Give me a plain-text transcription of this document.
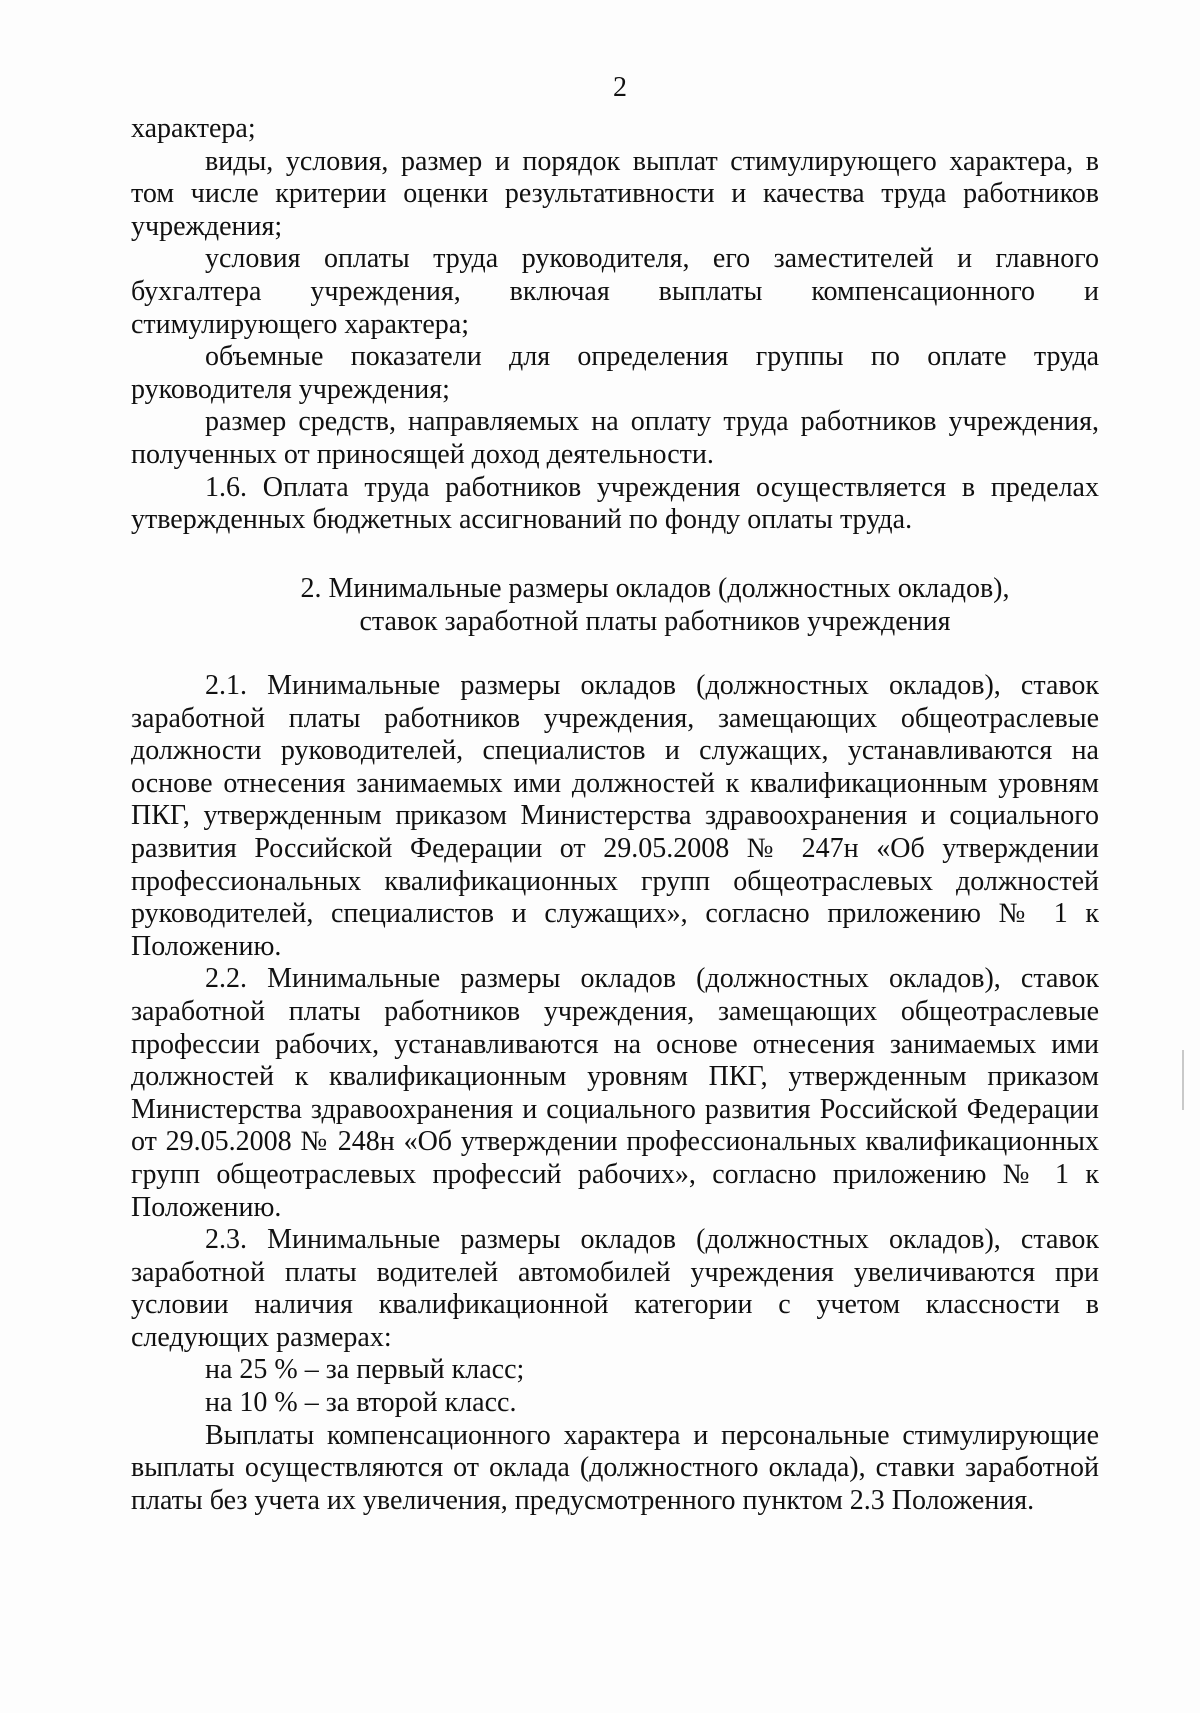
2

характера;

виды, условия, размер и порядок выплат стимулирующего характера, в том числе критерии оценки результативности и качества труда работников учреждения;

условия оплаты труда руководителя, его заместителей и главного бухгалтера учреждения, включая выплаты компенсационного и стимулирующего характера;

объемные показатели для определения группы по оплате труда руководителя учреждения;

размер средств, направляемых на оплату труда работников учреждения, полученных от приносящей доход деятельности.

1.6. Оплата труда работников учреждения осуществляется в пределах утвержденных бюджетных ассигнований по фонду оплаты труда.

2. Минимальные размеры окладов (должностных окладов),
ставок заработной платы работников учреждения

2.1. Минимальные размеры окладов (должностных окладов), ставок заработной платы работников учреждения, замещающих общеотраслевые должности руководителей, специалистов и служащих, устанавливаются на основе отнесения занимаемых ими должностей к квалификационным уровням ПКГ, утвержденным приказом Министерства здравоохранения и социального развития Российской Федерации от 29.05.2008 № 247н «Об утверждении профессиональных квалификационных групп общеотраслевых должностей руководителей, специалистов и служащих», согласно приложению № 1 к Положению.

2.2. Минимальные размеры окладов (должностных окладов), ставок заработной платы работников учреждения, замещающих общеотраслевые профессии рабочих, устанавливаются на основе отнесения занимаемых ими должностей к квалификационным уровням ПКГ, утвержденным приказом Министерства здравоохранения и социального развития Российской Федерации от 29.05.2008 № 248н «Об утверждении профессиональных квалификационных групп общеотраслевых профессий рабочих», согласно приложению № 1 к Положению.

2.3. Минимальные размеры окладов (должностных окладов), ставок заработной платы водителей автомобилей учреждения увеличиваются при условии наличия квалификационной категории с учетом классности в следующих размерах:

на 25 % – за первый класс;

на 10 % – за второй класс.

Выплаты компенсационного характера и персональные стимулирующие выплаты осуществляются от оклада (должностного оклада), ставки заработной платы без учета их увеличения, предусмотренного пунктом 2.3 Положения.
